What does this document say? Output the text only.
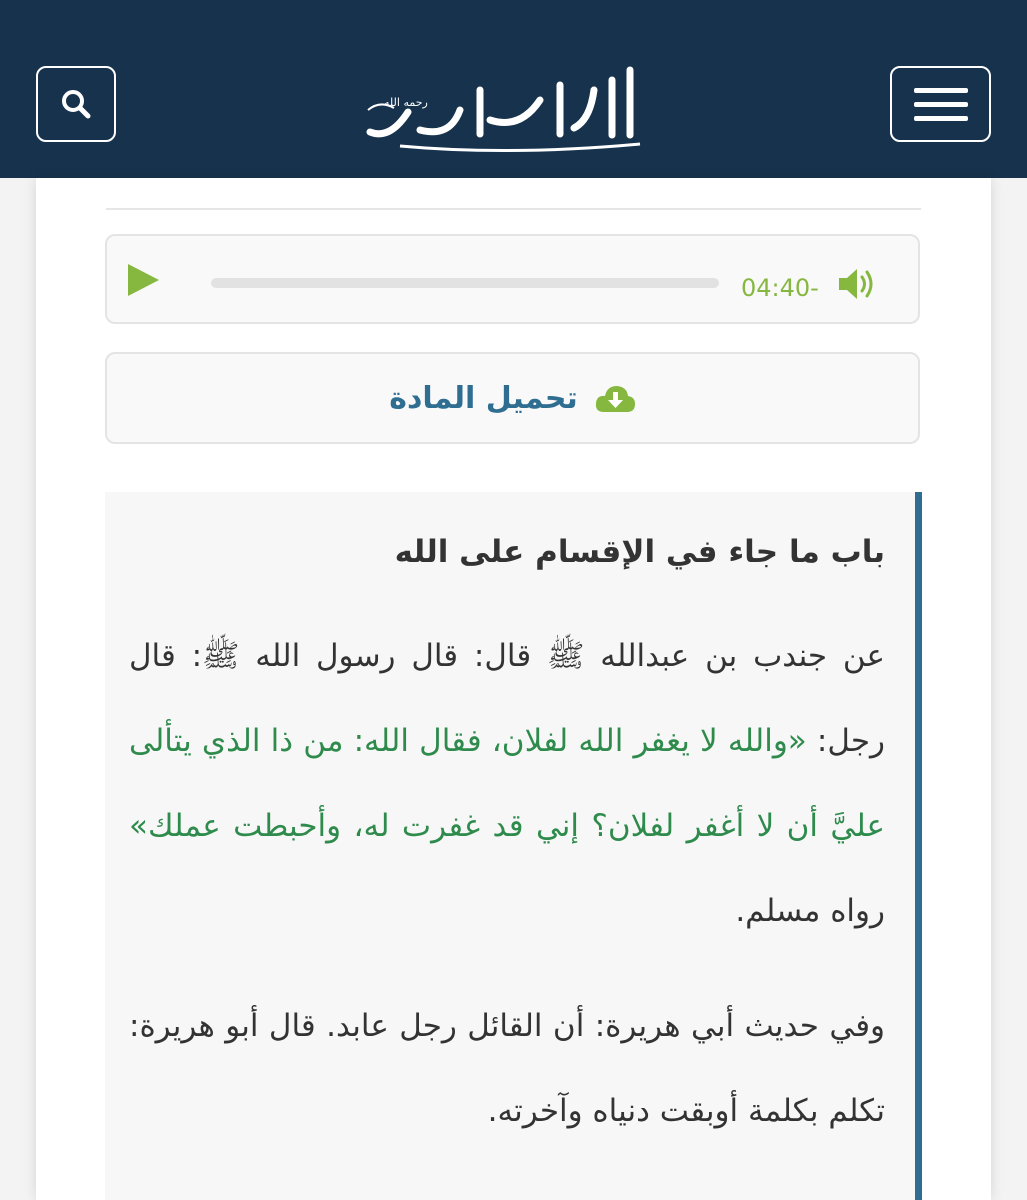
رحمه الله
04:40-
تحميل المادة
باب ما جاء في الإقسام على الله

عن جندب بن عبدالله ﷺ قال: قال رسول الله ﷺ: قال رجل: «والله لا يغفر الله لفلان، فقال الله: من ذا الذي يتألى عليَّ أن لا أغفر لفلان؟ إني قد غفرت له، وأحبطت عملك» رواه مسلم.

وفي حديث أبي هريرة: أن القائل رجل عابد. قال أبو هريرة: تكلم بكلمة أوبقت دنياه وآخرته.
